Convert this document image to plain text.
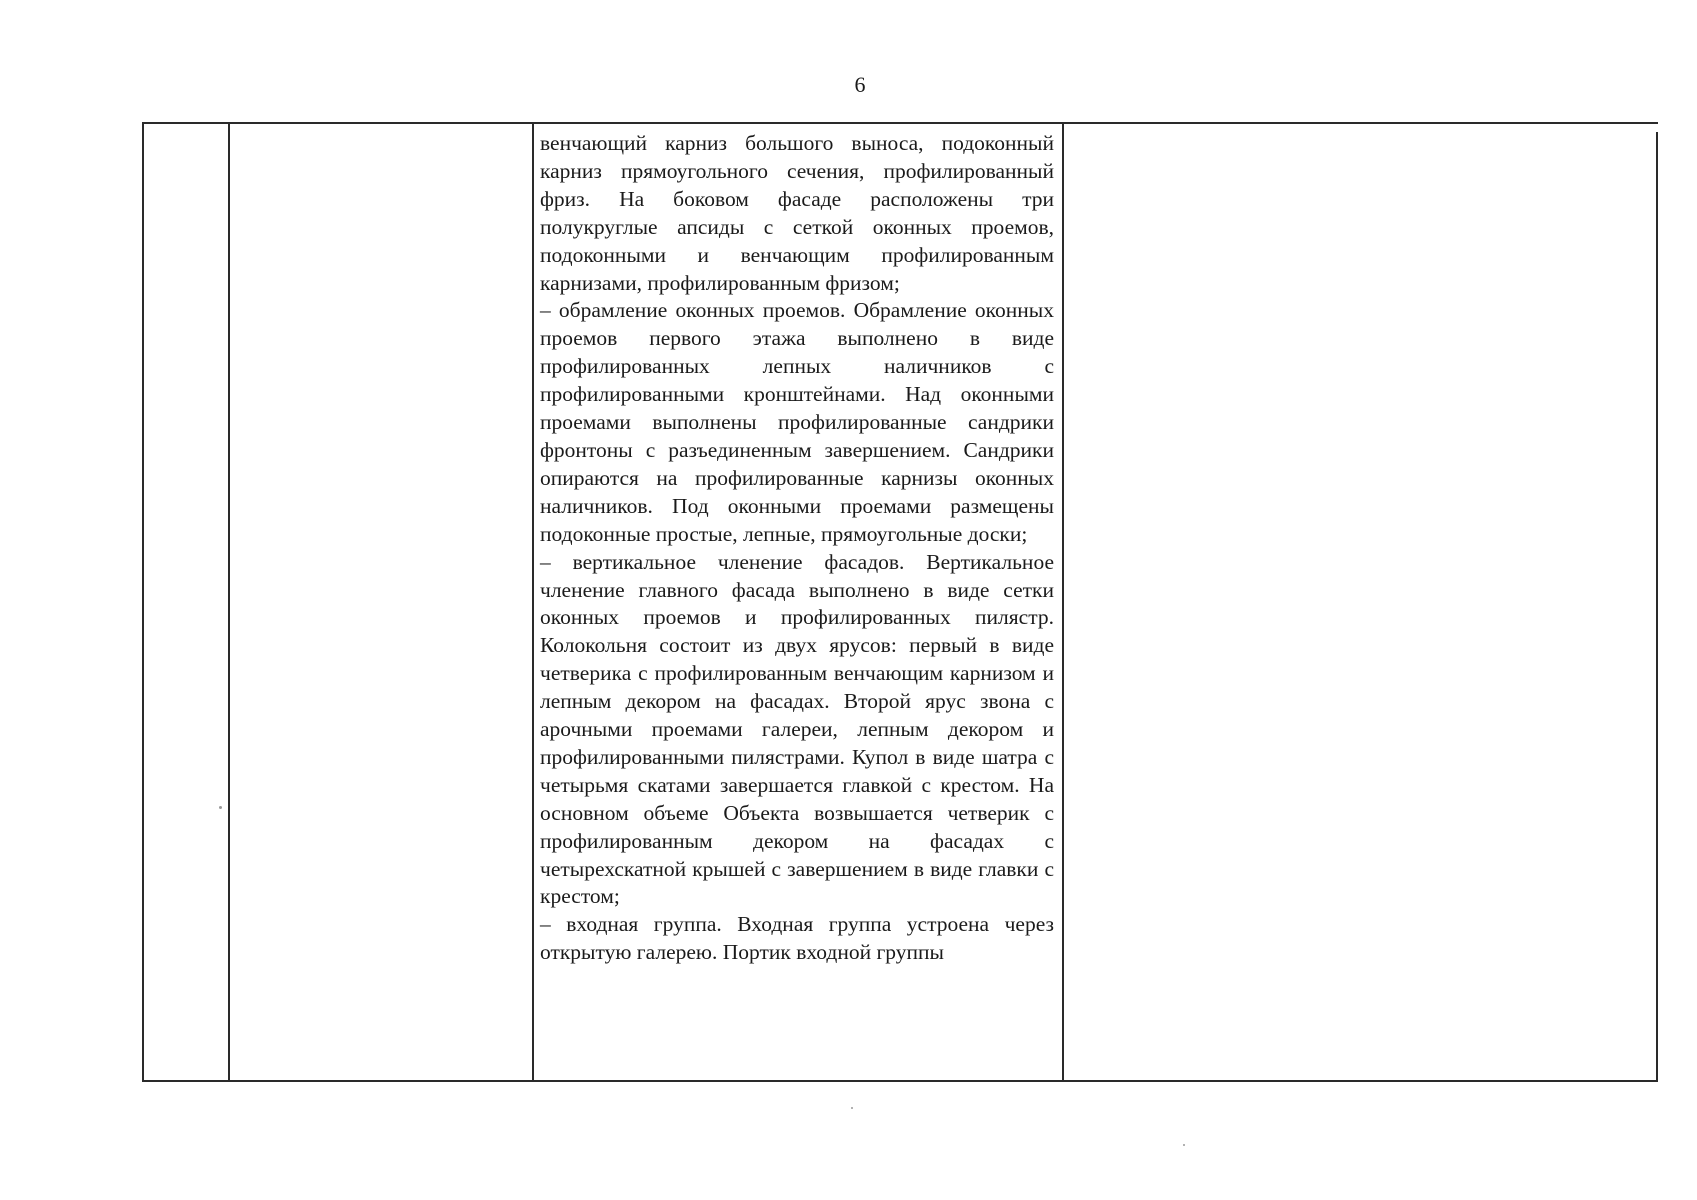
6

венчающий карниз большого выноса, подоконный карниз прямоугольного сечения, профилированный фриз. На боковом фасаде расположены три полукруглые апсиды с сеткой оконных проемов, подоконными и венчающим профилированным карнизами, профилированным фризом;

– обрамление оконных проемов. Обрамление оконных проемов первого этажа выполнено в виде профилированных лепных наличников с профилированными кронштейнами. Над оконными проемами выполнены профилированные сандрики фронтоны с разъединенным завершением. Сандрики опираются на профилированные карнизы оконных наличников. Под оконными проемами размещены подоконные простые, лепные, прямоугольные доски;

– вертикальное членение фасадов. Вертикальное членение главного фасада выполнено в виде сетки оконных проемов и профилированных пилястр. Колокольня состоит из двух ярусов: первый в виде четверика с профилированным венчающим карнизом и лепным декором на фасадах. Второй ярус звона с арочными проемами галереи, лепным декором и профилированными пилястрами. Купол в виде шатра с четырьмя скатами завершается главкой с крестом. На основном объеме Объекта возвышается четверик с профилированным декором на фасадах с четырехскатной крышей с завершением в виде главки с крестом;

– входная группа. Входная группа устроена через открытую галерею. Портик входной группы
